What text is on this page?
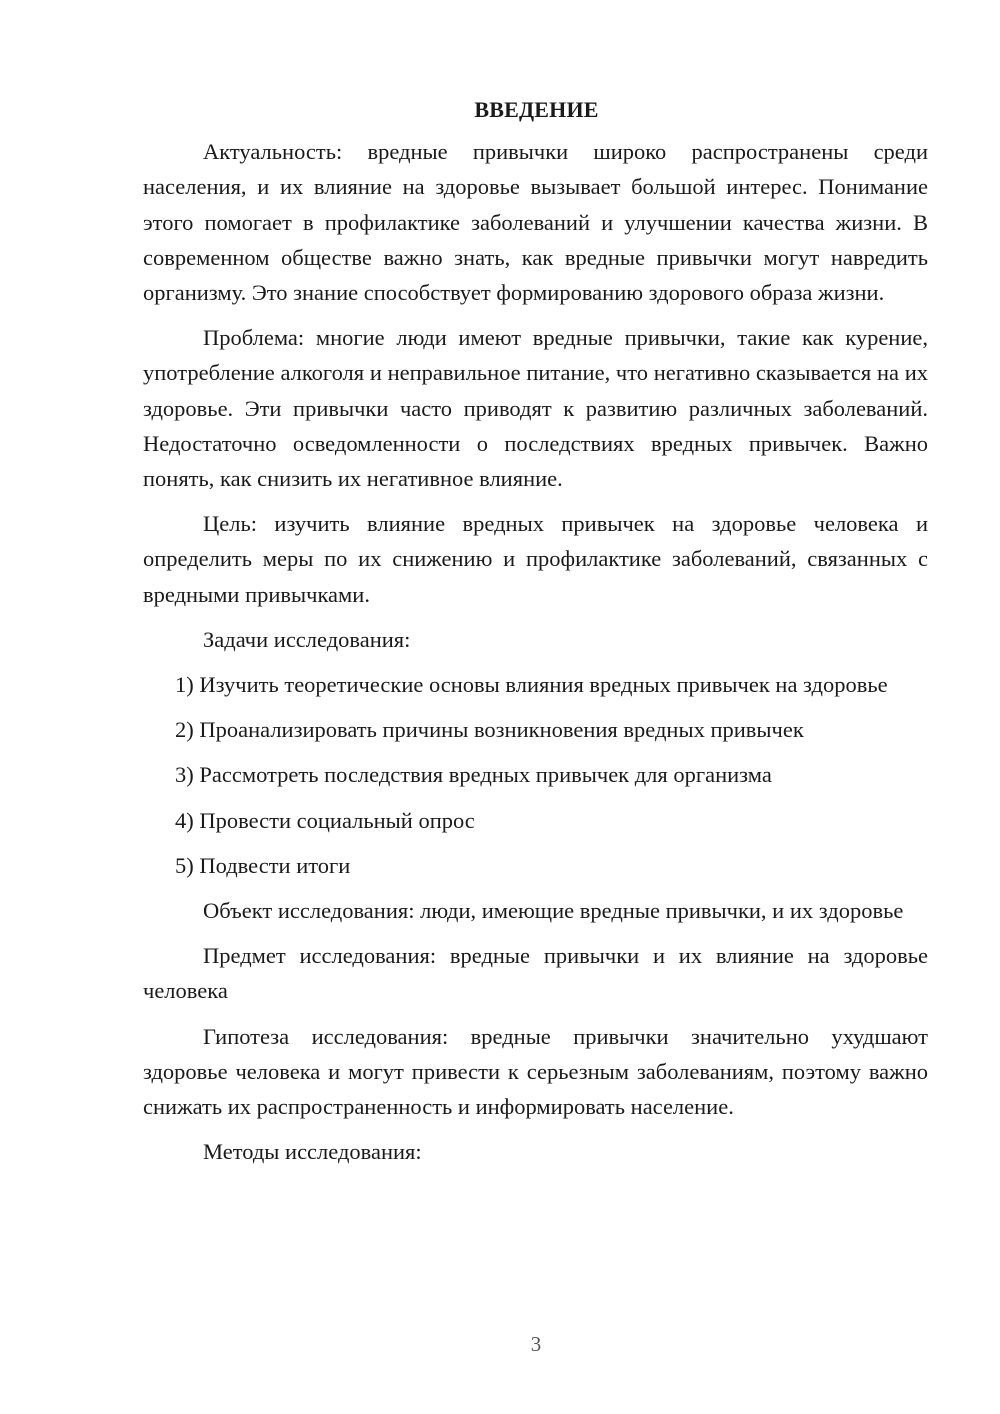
ВВЕДЕНИЕ

Актуальность: вредные привычки широко распространены среди населения, и их влияние на здоровье вызывает большой интерес. Понимание этого помогает в профилактике заболеваний и улучшении качества жизни. В современном обществе важно знать, как вредные привычки могут навредить организму. Это знание способствует формированию здорового образа жизни.

Проблема: многие люди имеют вредные привычки, такие как курение, употребление алкоголя и неправильное питание, что негативно сказывается на их здоровье. Эти привычки часто приводят к развитию различных заболеваний. Недостаточно осведомленности о последствиях вредных привычек. Важно понять, как снизить их негативное влияние.

Цель: изучить влияние вредных привычек на здоровье человека и определить меры по их снижению и профилактике заболеваний, связанных с вредными привычками.

Задачи исследования:

1) Изучить теоретические основы влияния вредных привычек на здоровье

2) Проанализировать причины возникновения вредных привычек

3) Рассмотреть последствия вредных привычек для организма

4) Провести социальный опрос

5) Подвести итоги

Объект исследования: люди, имеющие вредные привычки, и их здоровье

Предмет исследования: вредные привычки и их влияние на здоровье человека

Гипотеза исследования: вредные привычки значительно ухудшают здоровье человека и могут привести к серьезным заболеваниям, поэтому важно снижать их распространенность и информировать население.

Методы исследования:

3
